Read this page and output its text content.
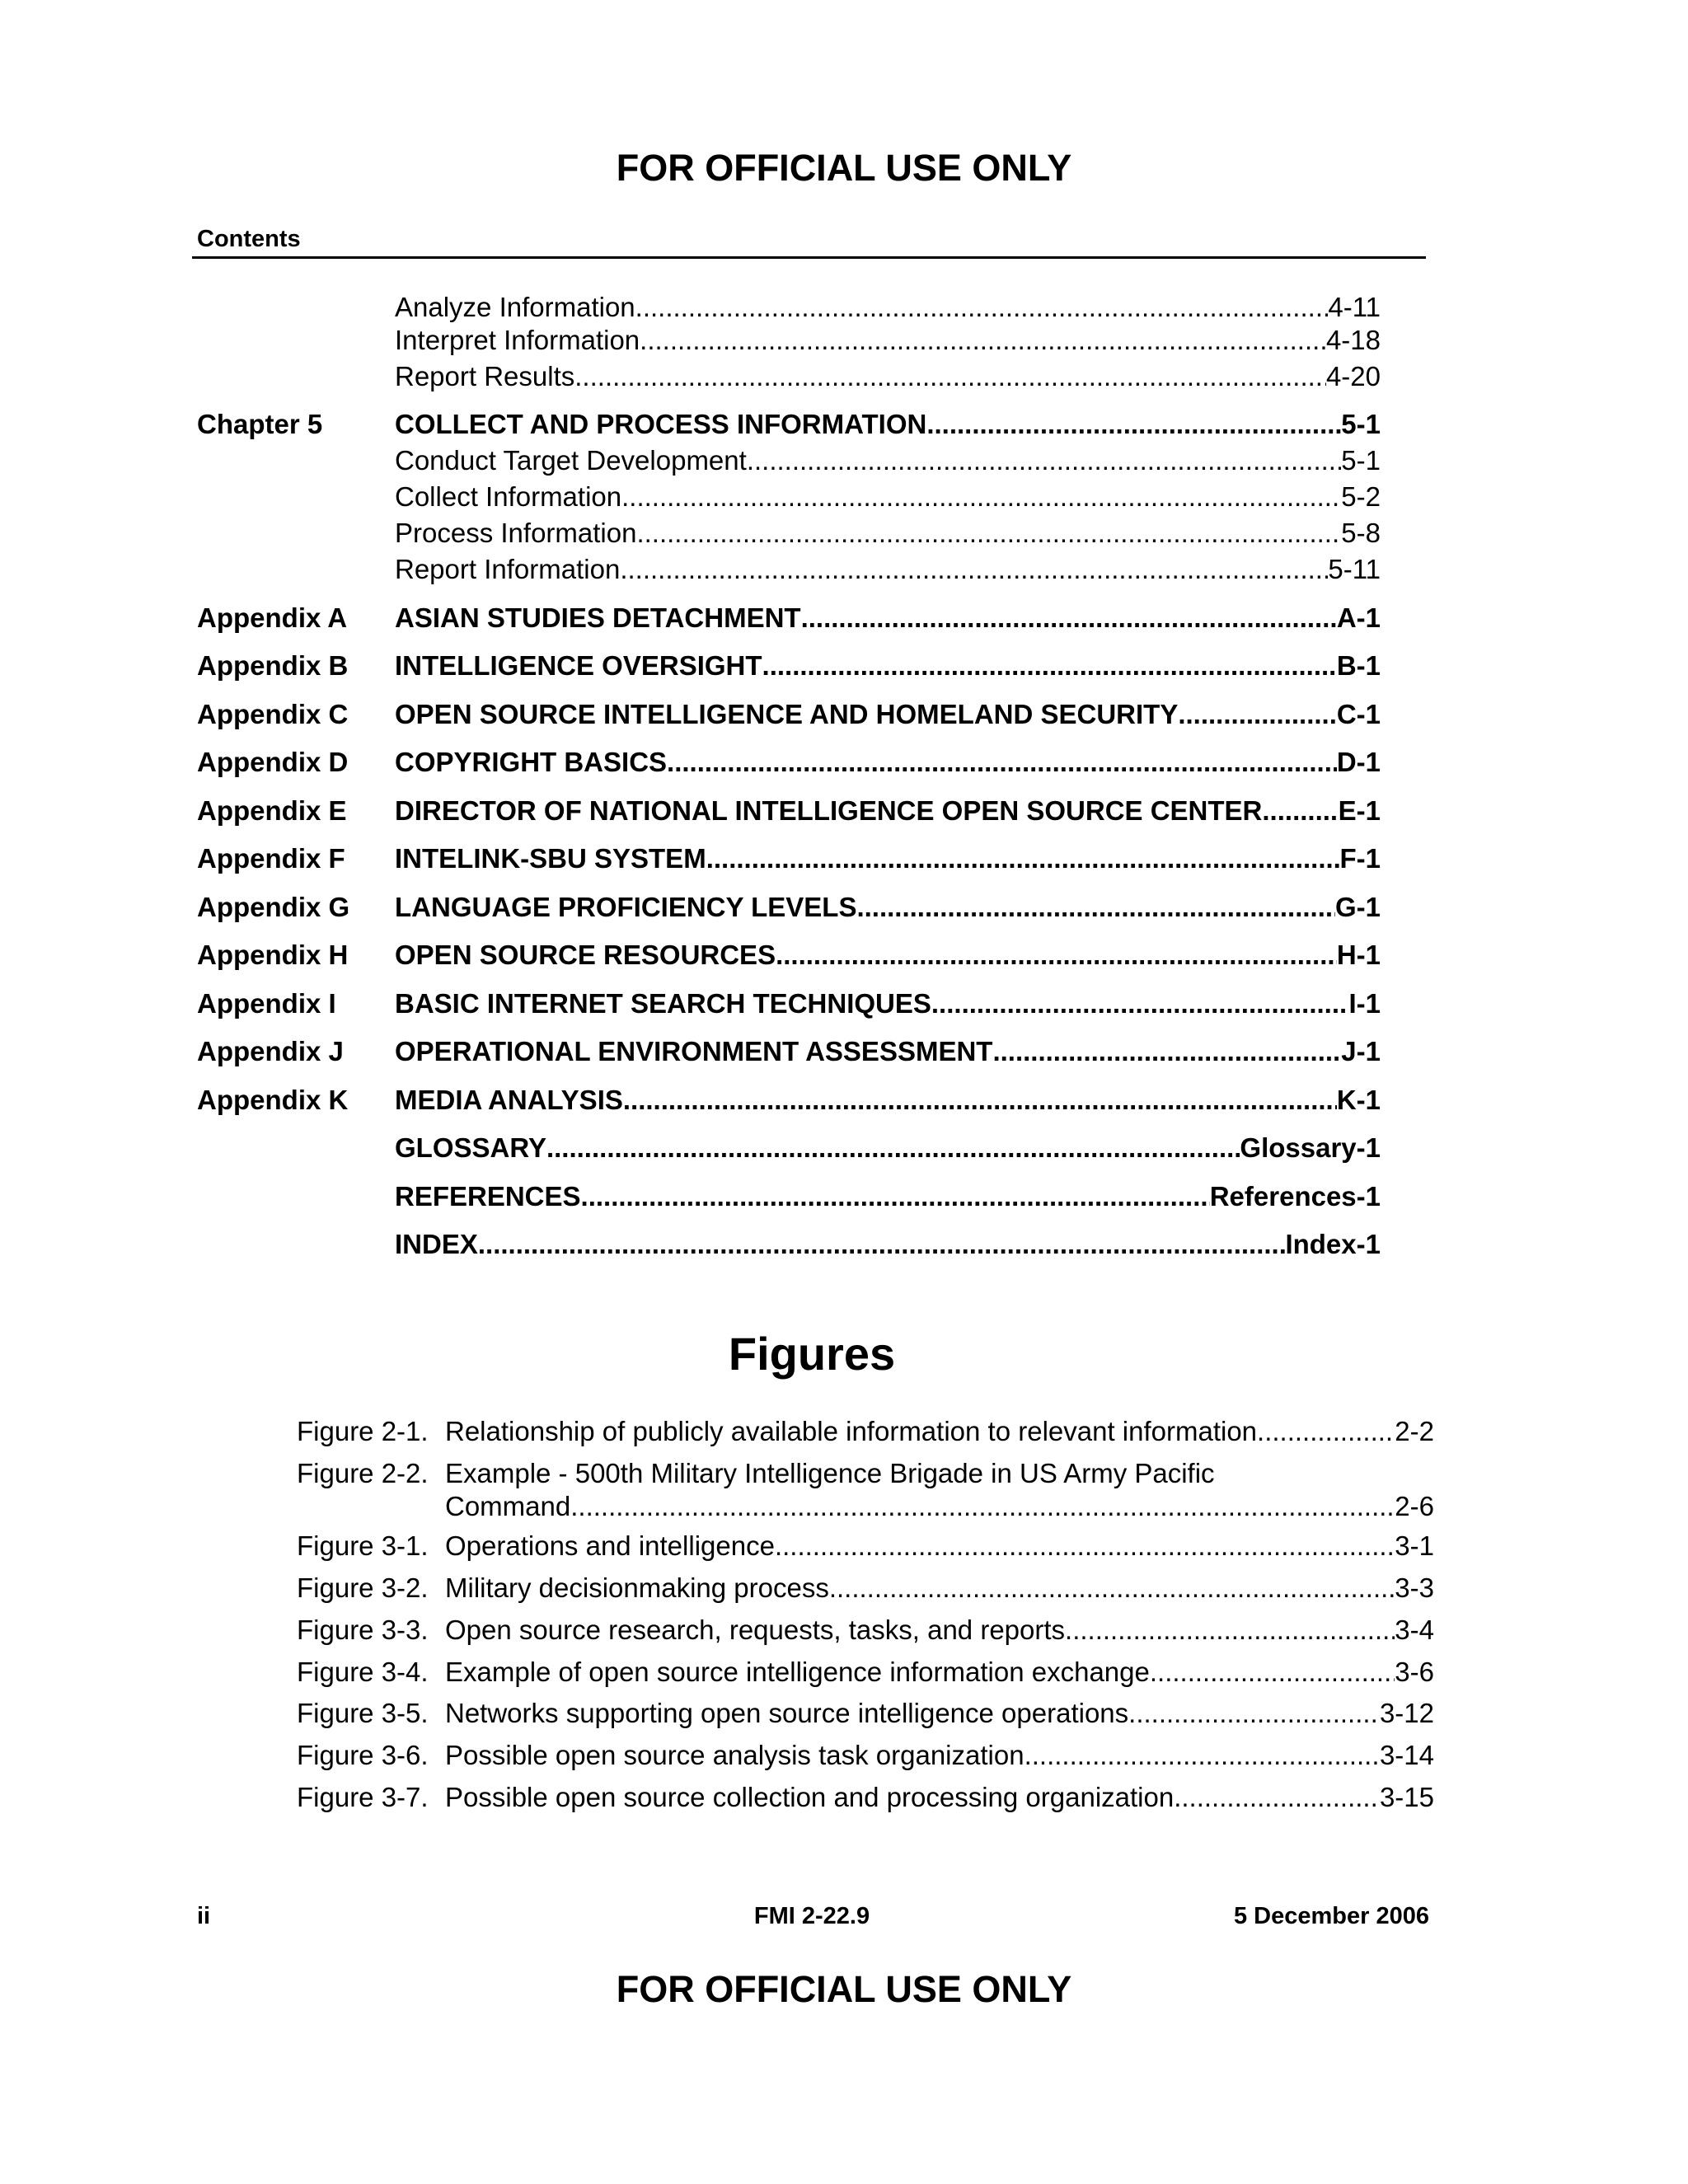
FOR OFFICIAL USE ONLY
Contents
Analyze Information .....	4-11
Interpret Information .....	4-18
Report Results .....	4-20
Chapter 5	COLLECT AND PROCESS INFORMATION .....	5-1
Conduct Target Development .....	5-1
Collect Information .....	5-2
Process Information .....	5-8
Report Information .....	5-11
Appendix A ASIAN STUDIES DETACHMENT .....	A-1
Appendix B INTELLIGENCE OVERSIGHT .....	B-1
Appendix C OPEN SOURCE INTELLIGENCE AND HOMELAND SECURITY .....	C-1
Appendix D COPYRIGHT BASICS .....	D-1
Appendix E DIRECTOR OF NATIONAL INTELLIGENCE OPEN SOURCE CENTER .....	E-1
Appendix F INTELINK-SBU SYSTEM .....	F-1
Appendix G LANGUAGE PROFICIENCY LEVELS .....	G-1
Appendix H OPEN SOURCE RESOURCES .....	H-1
Appendix I BASIC INTERNET SEARCH TECHNIQUES .....	I-1
Appendix J OPERATIONAL ENVIRONMENT ASSESSMENT .....	J-1
Appendix K MEDIA ANALYSIS .....	K-1
GLOSSARY .....	Glossary-1
REFERENCES .....	References-1
INDEX .....	Index-1
Figures
Figure 2-1. Relationship of publicly available information to relevant information .....	2-2
Figure 2-2. Example - 500th Military Intelligence Brigade in US Army Pacific
Command .....	2-6
Figure 3-1. Operations and intelligence .....	3-1
Figure 3-2. Military decisionmaking process .....	3-3
Figure 3-3. Open source research, requests, tasks, and reports .....	3-4
Figure 3-4. Example of open source intelligence information exchange .....	3-6
Figure 3-5. Networks supporting open source intelligence operations .....	3-12
Figure 3-6. Possible open source analysis task organization .....	3-14
Figure 3-7. Possible open source collection and processing organization .....	3-15
ii	FMI 2-22.9	5 December 2006
FOR OFFICIAL USE ONLY
